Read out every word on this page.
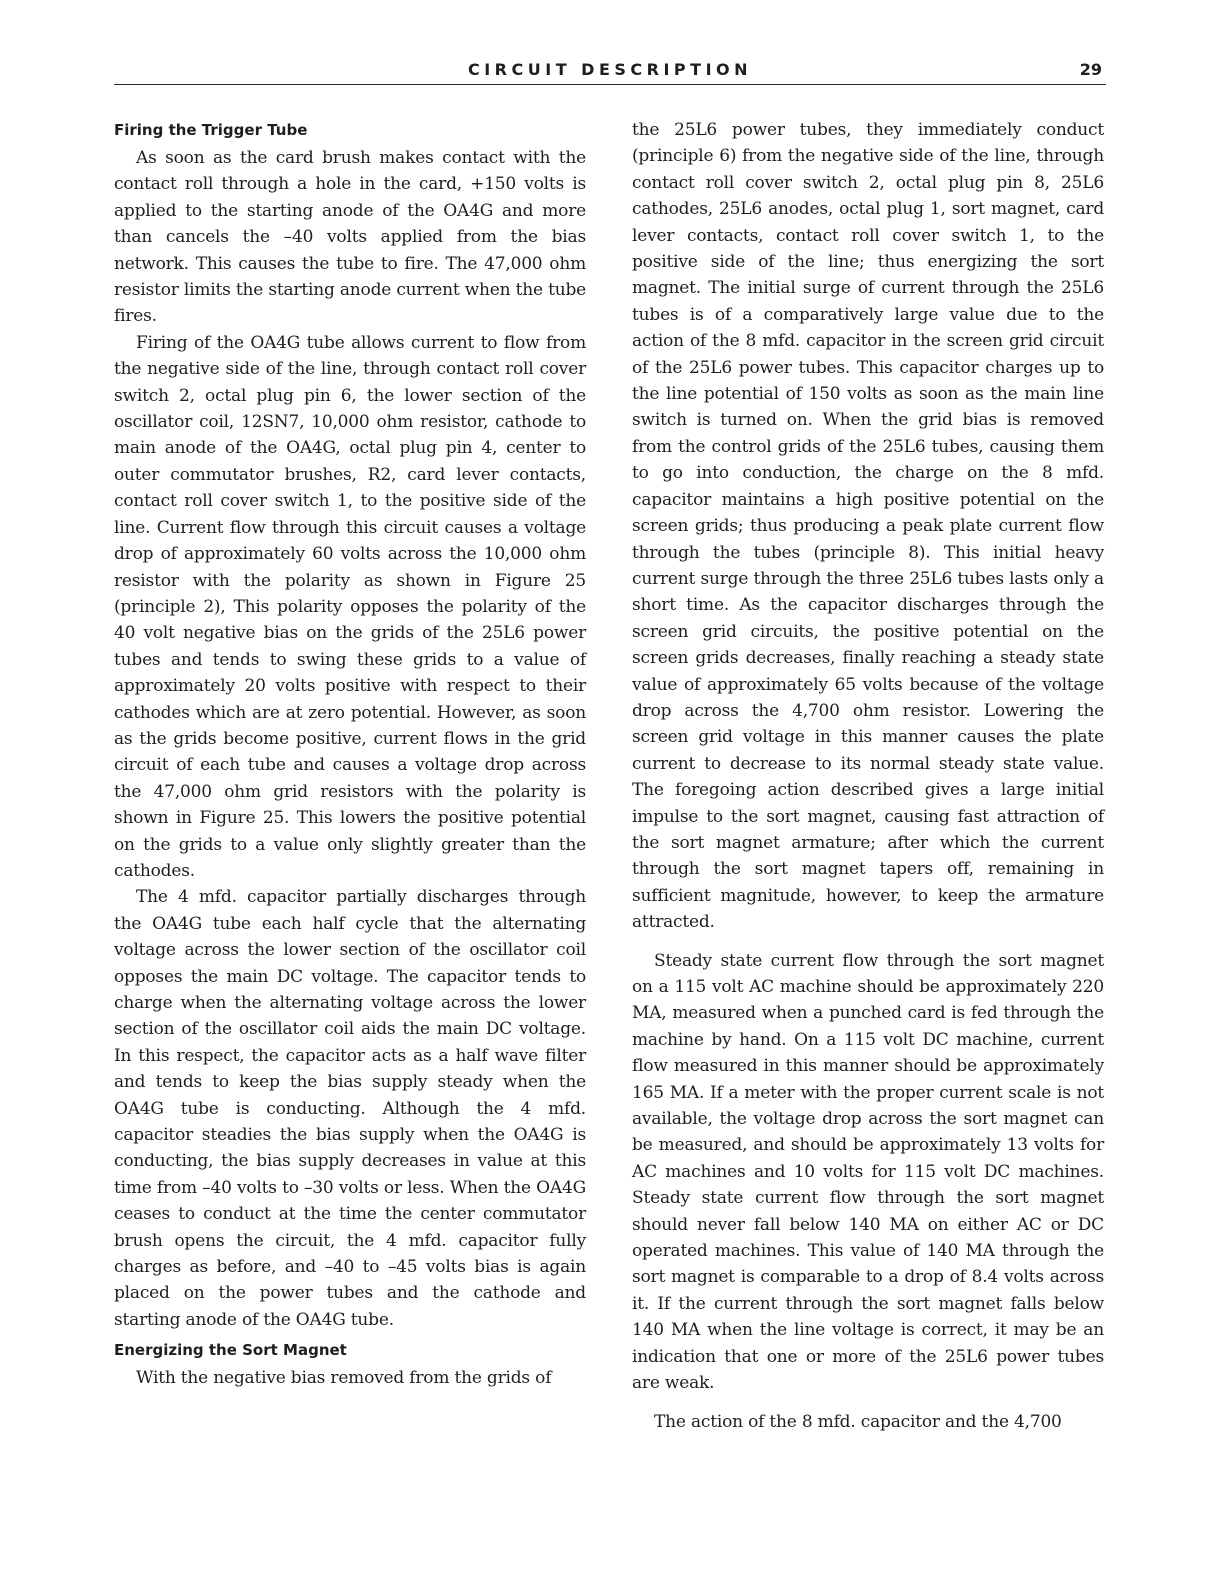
CIRCUIT DESCRIPTION	29
Firing the Trigger Tube

As soon as the card brush makes contact with the contact roll through a hole in the card, +150 volts is applied to the starting anode of the OA4G and more than cancels the –40 volts applied from the bias network. This causes the tube to fire. The 47,000 ohm resistor limits the starting anode current when the tube fires.

Firing of the OA4G tube allows current to flow from the negative side of the line, through contact roll cover switch 2, octal plug pin 6, the lower section of the oscillator coil, 12SN7, 10,000 ohm resistor, cathode to main anode of the OA4G, octal plug pin 4, center to outer commutator brushes, R2, card lever contacts, contact roll cover switch 1, to the positive side of the line. Current flow through this circuit causes a voltage drop of approximately 60 volts across the 10,000 ohm resistor with the polarity as shown in Figure 25 (principle 2), This polarity opposes the polarity of the 40 volt negative bias on the grids of the 25L6 power tubes and tends to swing these grids to a value of approximately 20 volts positive with respect to their cathodes which are at zero potential. However, as soon as the grids become positive, current flows in the grid circuit of each tube and causes a voltage drop across the 47,000 ohm grid resistors with the polarity is shown in Figure 25. This lowers the positive potential on the grids to a value only slightly greater than the cathodes.

The 4 mfd. capacitor partially discharges through the OA4G tube each half cycle that the alternating voltage across the lower section of the oscillator coil opposes the main DC voltage. The capacitor tends to charge when the alternating voltage across the lower section of the oscillator coil aids the main DC voltage. In this respect, the capacitor acts as a half wave filter and tends to keep the bias supply steady when the OA4G tube is conducting. Although the 4 mfd. capacitor steadies the bias supply when the OA4G is conducting, the bias supply decreases in value at this time from –40 volts to –30 volts or less. When the OA4G ceases to conduct at the time the center commutator brush opens the circuit, the 4 mfd. capacitor fully charges as before, and –40 to –45 volts bias is again placed on the power tubes and the cathode and starting anode of the OA4G tube.

Energizing the Sort Magnet

With the negative bias removed from the grids of

the 25L6 power tubes, they immediately conduct (principle 6) from the negative side of the line, through contact roll cover switch 2, octal plug pin 8, 25L6 cathodes, 25L6 anodes, octal plug 1, sort magnet, card lever contacts, contact roll cover switch 1, to the positive side of the line; thus energizing the sort magnet. The initial surge of current through the 25L6 tubes is of a comparatively large value due to the action of the 8 mfd. capacitor in the screen grid circuit of the 25L6 power tubes. This capacitor charges up to the line potential of 150 volts as soon as the main line switch is turned on. When the grid bias is removed from the control grids of the 25L6 tubes, causing them to go into conduction, the charge on the 8 mfd. capacitor maintains a high positive potential on the screen grids; thus producing a peak plate current flow through the tubes (principle 8). This initial heavy current surge through the three 25L6 tubes lasts only a short time. As the capacitor discharges through the screen grid circuits, the positive potential on the screen grids decreases, finally reaching a steady state value of approximately 65 volts because of the voltage drop across the 4,700 ohm resistor. Lowering the screen grid voltage in this manner causes the plate current to decrease to its normal steady state value. The foregoing action described gives a large initial impulse to the sort magnet, causing fast attraction of the sort magnet armature; after which the current through the sort magnet tapers off, remaining in sufficient magnitude, however, to keep the armature attracted.

Steady state current flow through the sort magnet on a 115 volt AC machine should be approximately 220 MA, measured when a punched card is fed through the machine by hand. On a 115 volt DC machine, current flow measured in this manner should be approximately 165 MA. If a meter with the proper current scale is not available, the voltage drop across the sort magnet can be measured, and should be approximately 13 volts for AC machines and 10 volts for 115 volt DC machines. Steady state current flow through the sort magnet should never fall below 140 MA on either AC or DC operated machines. This value of 140 MA through the sort magnet is comparable to a drop of 8.4 volts across it. If the current through the sort magnet falls below 140 MA when the line voltage is correct, it may be an indication that one or more of the 25L6 power tubes are weak.

The action of the 8 mfd. capacitor and the 4,700
